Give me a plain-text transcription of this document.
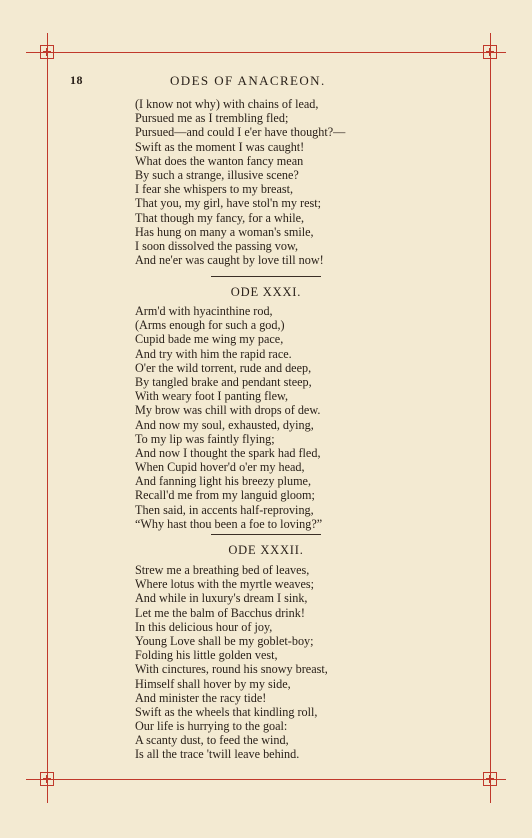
18	ODES OF ANACREON.
(I know not why) with chains of lead,
Pursued me as I trembling fled;
Pursued—and could I e'er have thought?—
Swift as the moment I was caught!
What does the wanton fancy mean
By such a strange, illusive scene?
I fear she whispers to my breast,
That you, my girl, have stol'n my rest;
That though my fancy, for a while,
Has hung on many a woman's smile,
I soon dissolved the passing vow,
And ne'er was caught by love till now!
ODE XXXI.
Arm'd with hyacinthine rod,
(Arms enough for such a god,)
Cupid bade me wing my pace,
And try with him the rapid race.
O'er the wild torrent, rude and deep,
By tangled brake and pendant steep,
With weary foot I panting flew,
My brow was chill with drops of dew.
And now my soul, exhausted, dying,
To my lip was faintly flying;
And now I thought the spark had fled,
When Cupid hover'd o'er my head,
And fanning light his breezy plume,
Recall'd me from my languid gloom;
Then said, in accents half-reproving,
“Why hast thou been a foe to loving?”
ODE XXXII.
Strew me a breathing bed of leaves,
Where lotus with the myrtle weaves;
And while in luxury's dream I sink,
Let me the balm of Bacchus drink!
In this delicious hour of joy,
Young Love shall be my goblet-boy;
Folding his little golden vest,
With cinctures, round his snowy breast,
Himself shall hover by my side,
And minister the racy tide!
Swift as the wheels that kindling roll,
Our life is hurrying to the goal:
A scanty dust, to feed the wind,
Is all the trace 'twill leave behind.
